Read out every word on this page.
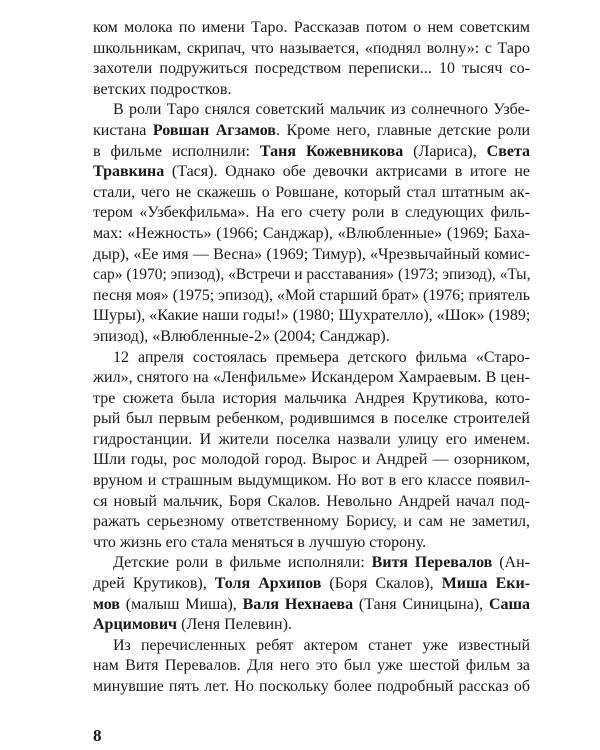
ком молока по имени Таро. Рассказав потом о нем советским
школьникам, скрипач, что называется, «поднял волну»: с Таро
захотели подружиться посредством переписки... 10 тысяч со-
ветских подростков.
В роли Таро снялся советский мальчик из солнечного Узбе-
кистана Ровшан Агзамов. Кроме него, главные детские роли
в фильме исполнили: Таня Кожевникова (Лариса), Света
Травкина (Тася). Однако обе девочки актрисами в итоге не
стали, чего не скажешь о Ровшане, который стал штатным ак-
тером «Узбекфильма». На его счету роли в следующих филь-
мах: «Нежность» (1966; Санджар), «Влюбленные» (1969; Баха-
дыр), «Ее имя — Весна» (1969; Тимур), «Чрезвычайный комис-
сар» (1970; эпизод), «Встречи и расставания» (1973; эпизод), «Ты,
песня моя» (1975; эпизод), «Мой старший брат» (1976; приятель
Шуры), «Какие наши годы!» (1980; Шухрателло), «Шок» (1989;
эпизод), «Влюбленные-2» (2004; Санджар).
12 апреля состоялась премьера детского фильма «Старо-
жил», снятого на «Ленфильме» Искандером Хамраевым. В цен-
тре сюжета была история мальчика Андрея Крутикова, кото-
рый был первым ребенком, родившимся в поселке строителей
гидростанции. И жители поселка назвали улицу его именем.
Шли годы, рос молодой город. Вырос и Андрей — озорником,
вруном и страшным выдумщиком. Но вот в его классе появил-
ся новый мальчик, Боря Скалов. Невольно Андрей начал под-
ражать серьезному ответственному Борису, и сам не заметил,
что жизнь его стала меняться в лучшую сторону.
Детские роли в фильме исполняли: Витя Перевалов (Ан-
дрей Крутиков), Толя Архипов (Боря Скалов), Миша Еки-
мов (малыш Миша), Валя Нехнаева (Таня Синицына), Саша
Арцимович (Леня Пелевин).
Из перечисленных ребят актером станет уже известный
нам Витя Перевалов. Для него это был уже шестой фильм за
минувшие пять лет. Но поскольку более подробный рассказ об
8
